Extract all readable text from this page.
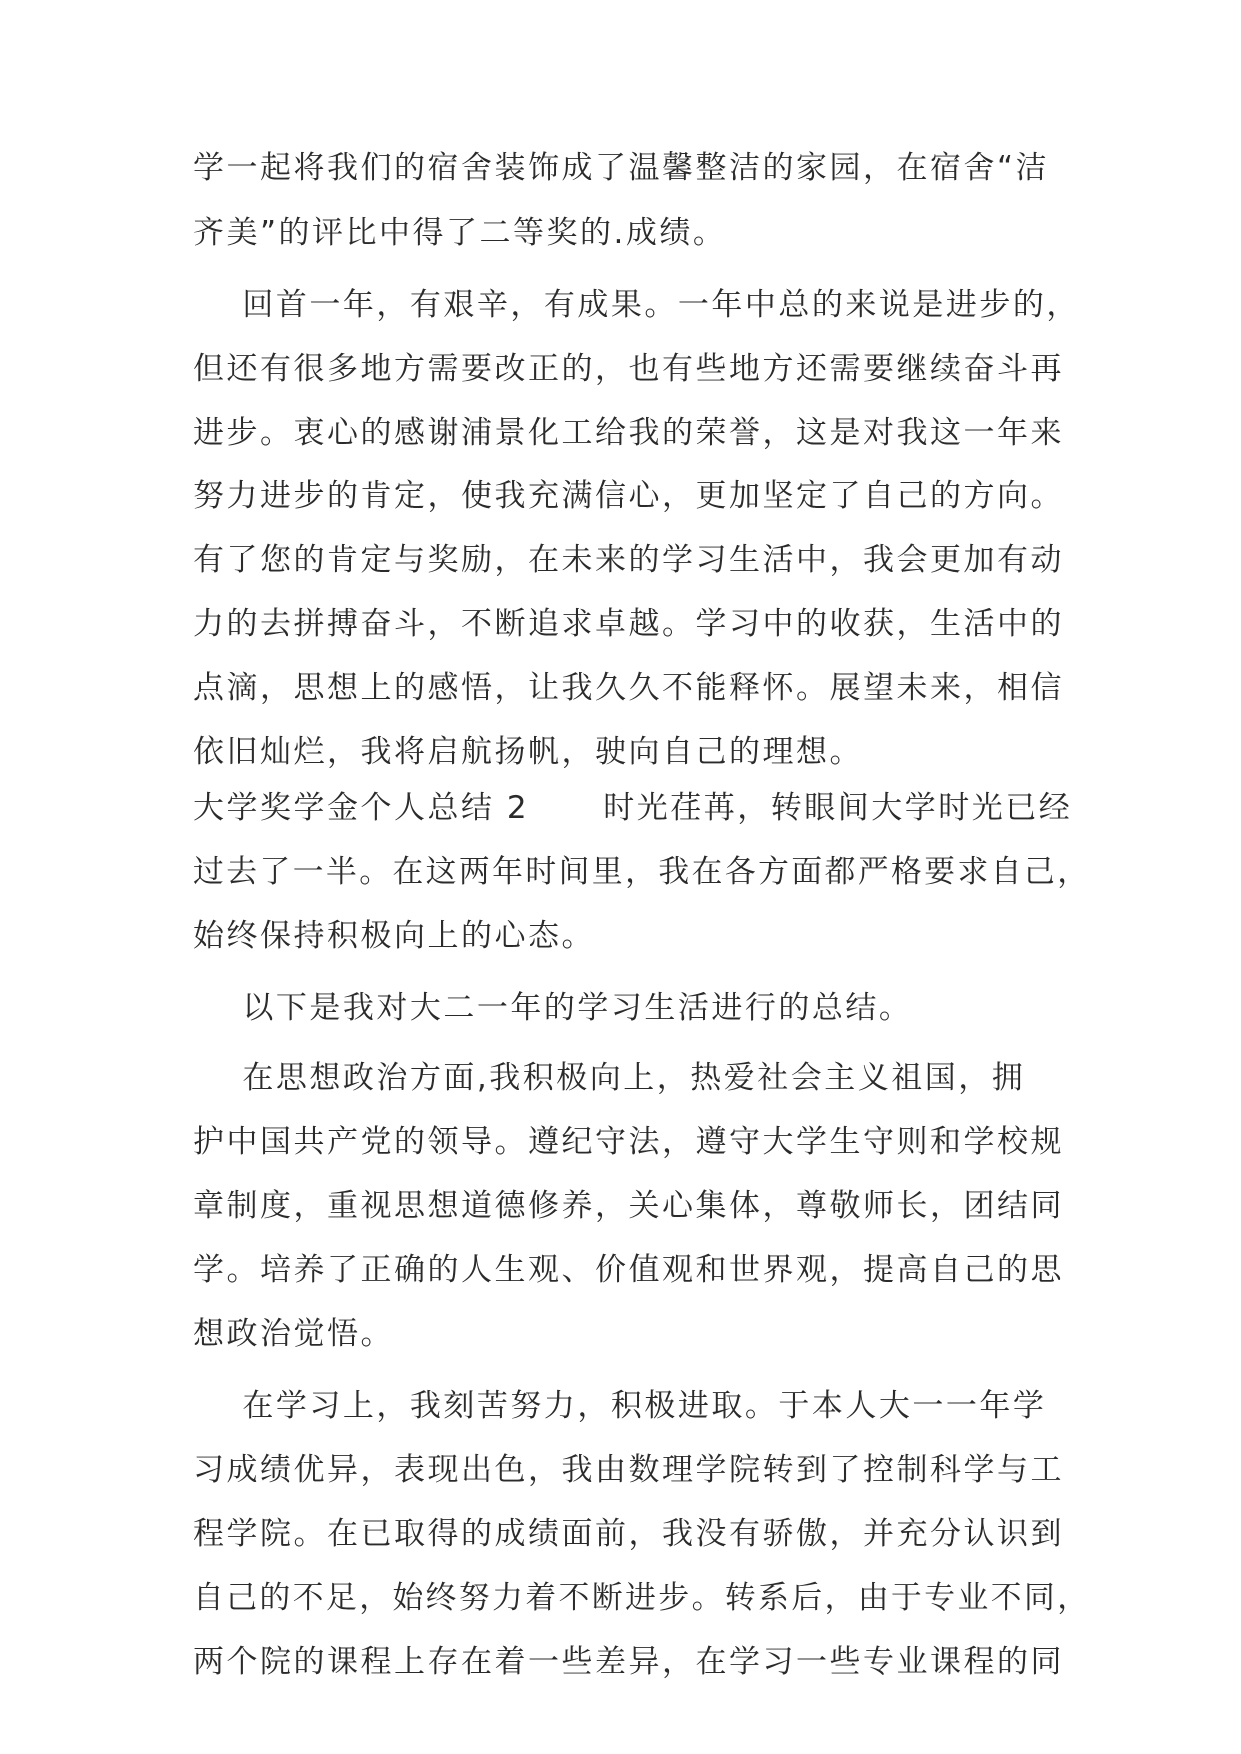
学一起将我们的宿舍装饰成了温馨整洁的家园，在宿舍“洁
齐美”的评比中得了二等奖的.成绩。
回首一年，有艰辛，有成果。一年中总的来说是进步的，
但还有很多地方需要改正的，也有些地方还需要继续奋斗再
进步。衷心的感谢浦景化工给我的荣誉，这是对我这一年来
努力进步的肯定，使我充满信心，更加坚定了自己的方向。
有了您的肯定与奖励，在未来的学习生活中，我会更加有动
力的去拼搏奋斗，不断追求卓越。学习中的收获，生活中的
点滴，思想上的感悟，让我久久不能释怀。展望未来，相信
依旧灿烂，我将启航扬帆，驶向自己的理想。
大学奖学金个人总结 2      时光荏苒，转眼间大学时光已经
过去了一半。在这两年时间里，我在各方面都严格要求自己，
始终保持积极向上的心态。
以下是我对大二一年的学习生活进行的总结。
在思想政治方面,我积极向上，热爱社会主义祖国，拥
护中国共产党的领导。遵纪守法，遵守大学生守则和学校规
章制度，重视思想道德修养，关心集体，尊敬师长，团结同
学。培养了正确的人生观、价值观和世界观，提高自己的思
想政治觉悟。
在学习上，我刻苦努力，积极进取。于本人大一一年学
习成绩优异，表现出色，我由数理学院转到了控制科学与工
程学院。在已取得的成绩面前，我没有骄傲，并充分认识到
自己的不足，始终努力着不断进步。转系后，由于专业不同，
两个院的课程上存在着一些差异，在学习一些专业课程的同
